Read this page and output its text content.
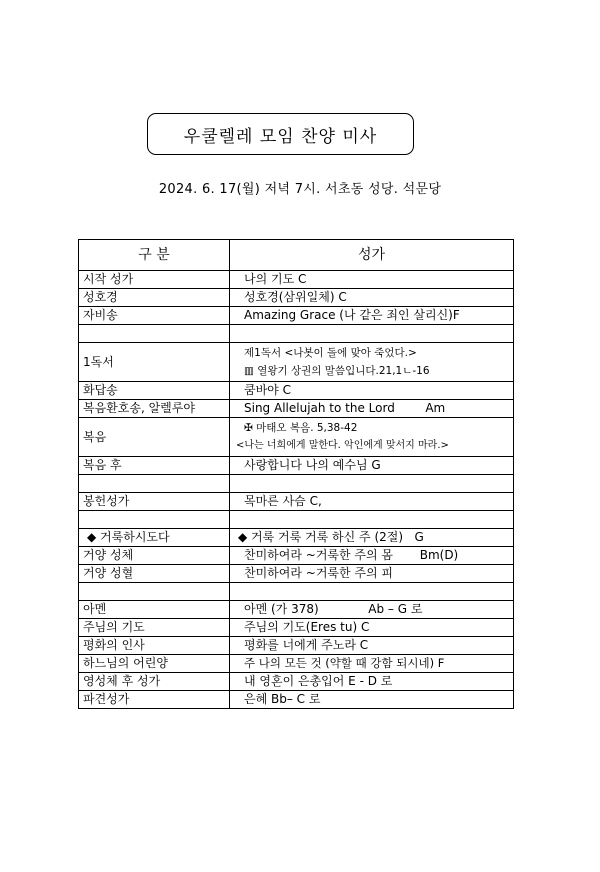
우쿨렐레 모임 찬양 미사
2024. 6. 17(월) 저녁 7시. 서초동 성당. 석문당
구 분	성가
시작 성가	나의 기도 C
성호경	성호경(삼위일체) C
자비송	Amazing Grace (나 같은 죄인 살리신)F

1독서	제1독서 <나봇이 돌에 맞아 죽었다.>
▥ 열왕기 상권의 말씀입니다.21,1ㄴ-16

화답송	쿰바야 C
복음환호송, 알렐루야	Sing Allelujah to the Lord        Am
복음	✠ 마태오 복음. 5,38-42
<나는 너희에게 말한다. 악인에게 맞서지 마라.>

복음 후	사랑합니다 나의 예수님 G

봉헌성가	목마른 사슴 C,

◆ 거룩하시도다	◆ 거룩 거룩 거룩 하신 주 (2절)   G
거양 성체	찬미하여라 ~거룩한 주의 몸       Bm(D)
거양 성혈	찬미하여라 ~거룩한 주의 피

아멘	아멘 (가 378)             Ab – G 로
주님의 기도	주님의 기도(Eres tu) C
평화의 인사	평화를 너에게 주노라 C
하느님의 어린양	주 나의 모든 것 (약할 때 강함 되시네) F
영성체 후 성가	내 영혼이 은총입어 E - D 로
파견성가	은혜 Bb– C 로
